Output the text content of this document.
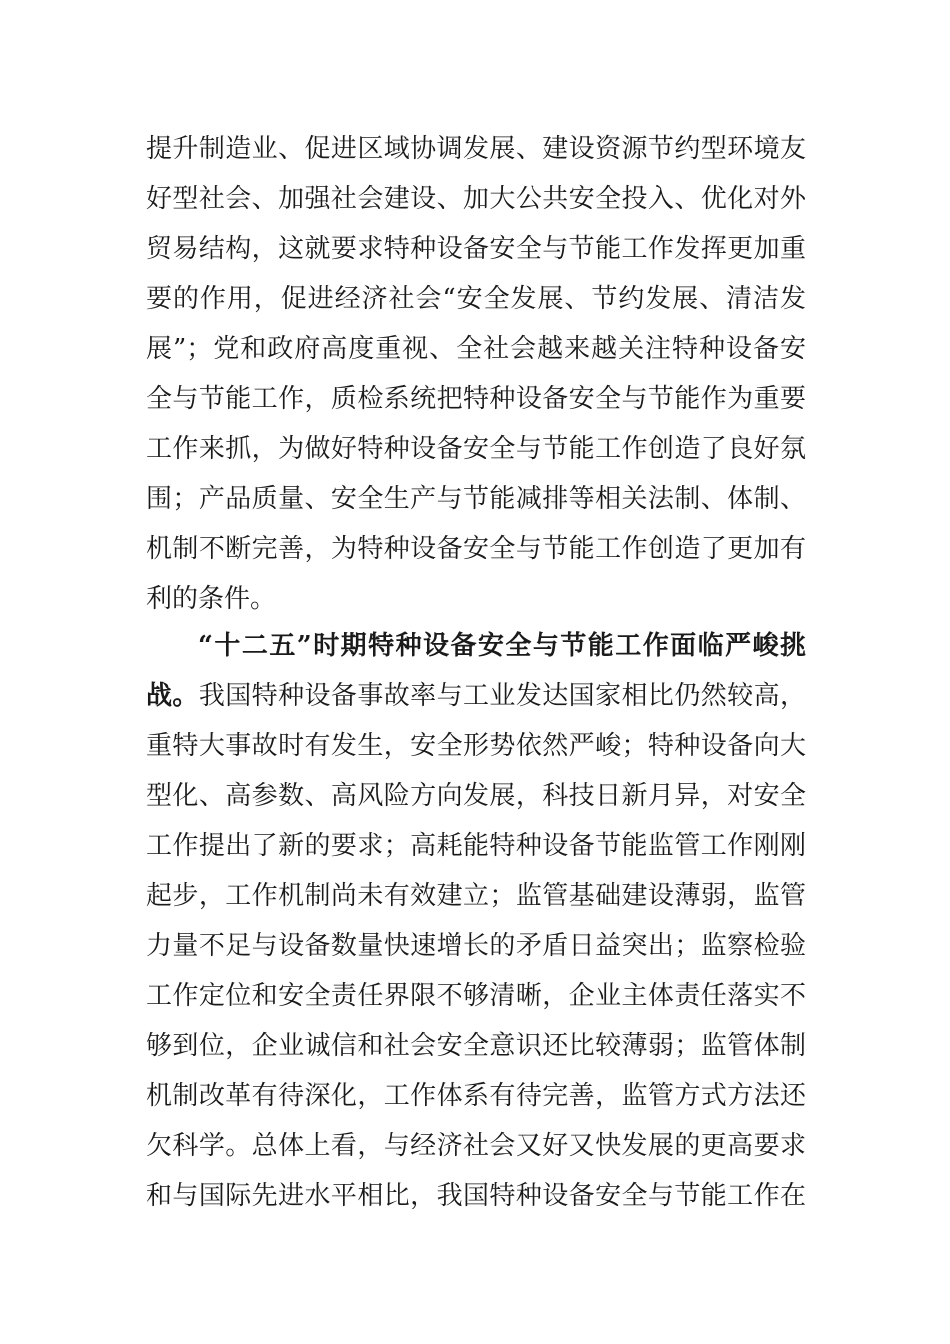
提升制造业、促进区域协调发展、建设资源节约型环境友
好型社会、加强社会建设、加大公共安全投入、优化对外
贸易结构，这就要求特种设备安全与节能工作发挥更加重
要的作用，促进经济社会“安全发展、节约发展、清洁发
展”；党和政府高度重视、全社会越来越关注特种设备安
全与节能工作，质检系统把特种设备安全与节能作为重要
工作来抓，为做好特种设备安全与节能工作创造了良好氛
围；产品质量、安全生产与节能减排等相关法制、体制、
机制不断完善，为特种设备安全与节能工作创造了更加有
利的条件。
“十二五”时期特种设备安全与节能工作面临严峻挑
战。我国特种设备事故率与工业发达国家相比仍然较高，
重特大事故时有发生，安全形势依然严峻；特种设备向大
型化、高参数、高风险方向发展，科技日新月异，对安全
工作提出了新的要求；高耗能特种设备节能监管工作刚刚
起步，工作机制尚未有效建立；监管基础建设薄弱，监管
力量不足与设备数量快速增长的矛盾日益突出；监察检验
工作定位和安全责任界限不够清晰，企业主体责任落实不
够到位，企业诚信和社会安全意识还比较薄弱；监管体制
机制改革有待深化，工作体系有待完善，监管方式方法还
欠科学。总体上看，与经济社会又好又快发展的更高要求
和与国际先进水平相比，我国特种设备安全与节能工作在
